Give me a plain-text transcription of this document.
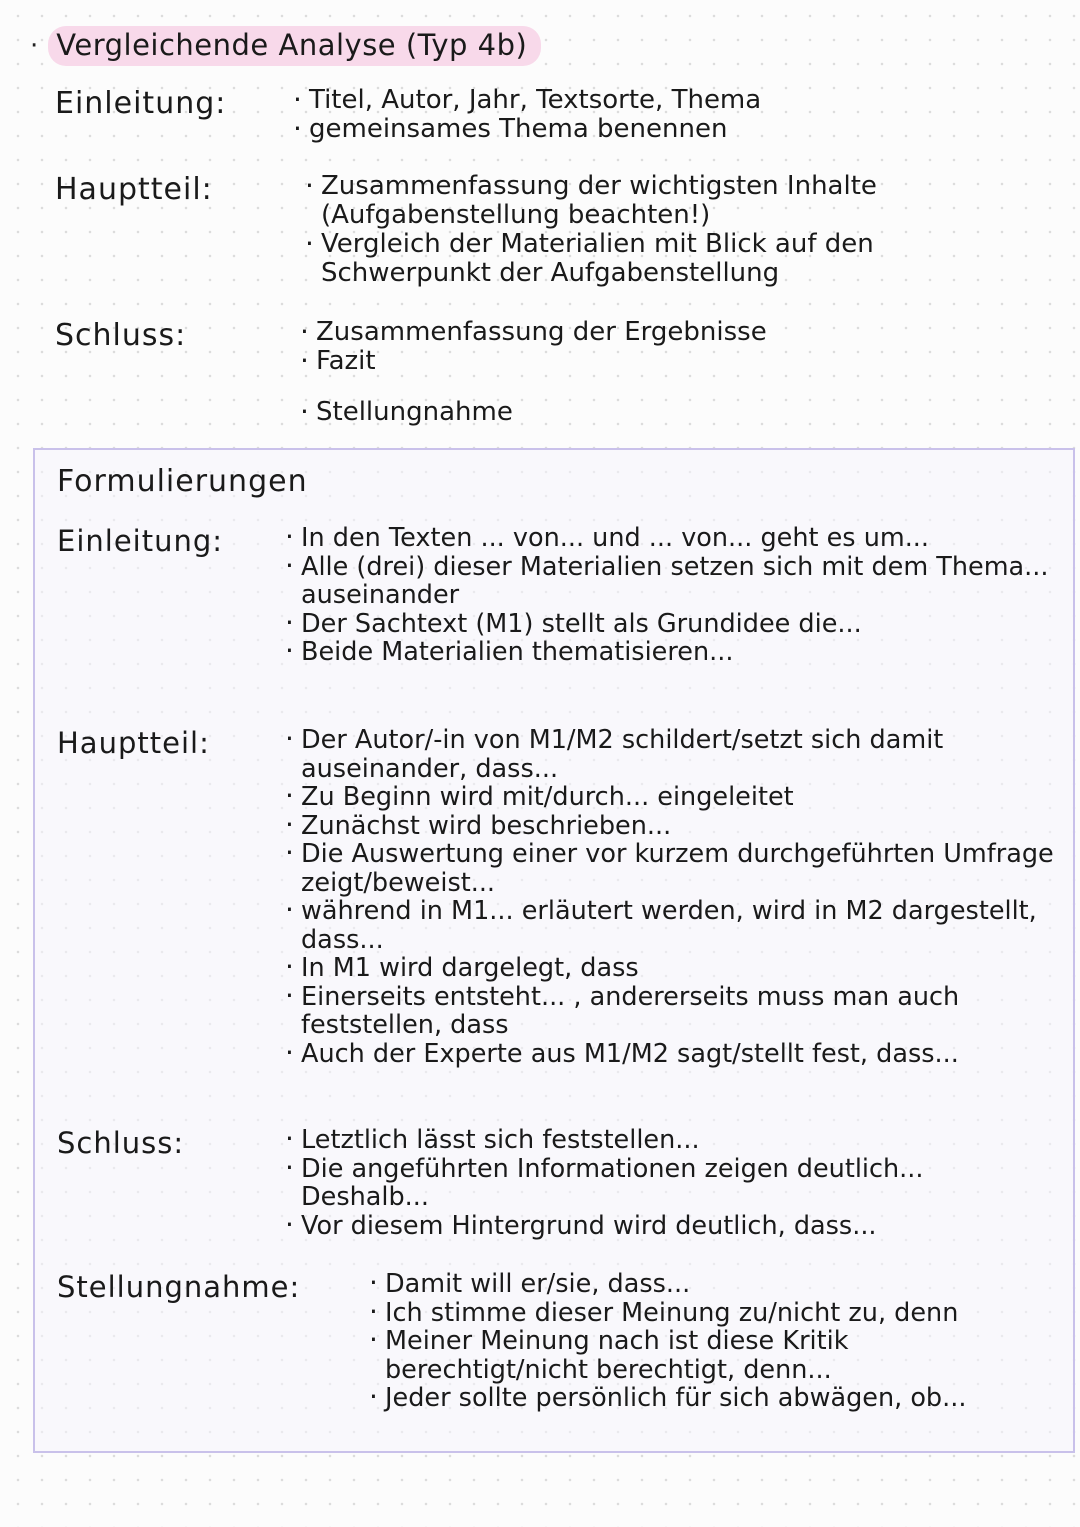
· Vergleichende Analyse (Typ 4b)
Einleitung:	· Titel, Autor, Jahr, Textsorte, Thema
· gemeinsames Thema benennen
Hauptteil:	· Zusammenfassung der wichtigsten Inhalte (Aufgabenstellung beachten!)
· Vergleich der Materialien mit Blick auf den Schwerpunkt der Aufgabenstellung
Schluss:	· Zusammenfassung der Ergebnisse
· Fazit
· Stellungnahme
Formulierungen
Einleitung:	· In den Texten ... von... und ... von... geht es um...
· Alle (drei) dieser Materialien setzen sich mit dem Thema... auseinander
· Der Sachtext (M1) stellt als Grundidee die...
· Beide Materialien thematisieren...
Hauptteil:	· Der Autor/-in von M1/M2 schildert/setzt sich damit auseinander, dass...
· Zu Beginn wird mit/durch... eingeleitet
· Zunächst wird beschrieben...
· Die Auswertung einer vor kurzem durchgeführten Umfrage zeigt/beweist...
· während in M1... erläutert werden, wird in M2 dargestellt, dass...
· In M1 wird dargelegt, dass
· Einerseits entsteht... , andererseits muss man auch feststellen, dass
· Auch der Experte aus M1/M2 sagt/stellt fest, dass...
Schluss:	· Letztlich lässt sich feststellen...
· Die angeführten Informationen zeigen deutlich... Deshalb...
· Vor diesem Hintergrund wird deutlich, dass...
Stellungnahme:	· Damit will er/sie, dass...
· Ich stimme dieser Meinung zu/nicht zu, denn
· Meiner Meinung nach ist diese Kritik berechtigt/nicht berechtigt, denn...
· Jeder sollte persönlich für sich abwägen, ob...
